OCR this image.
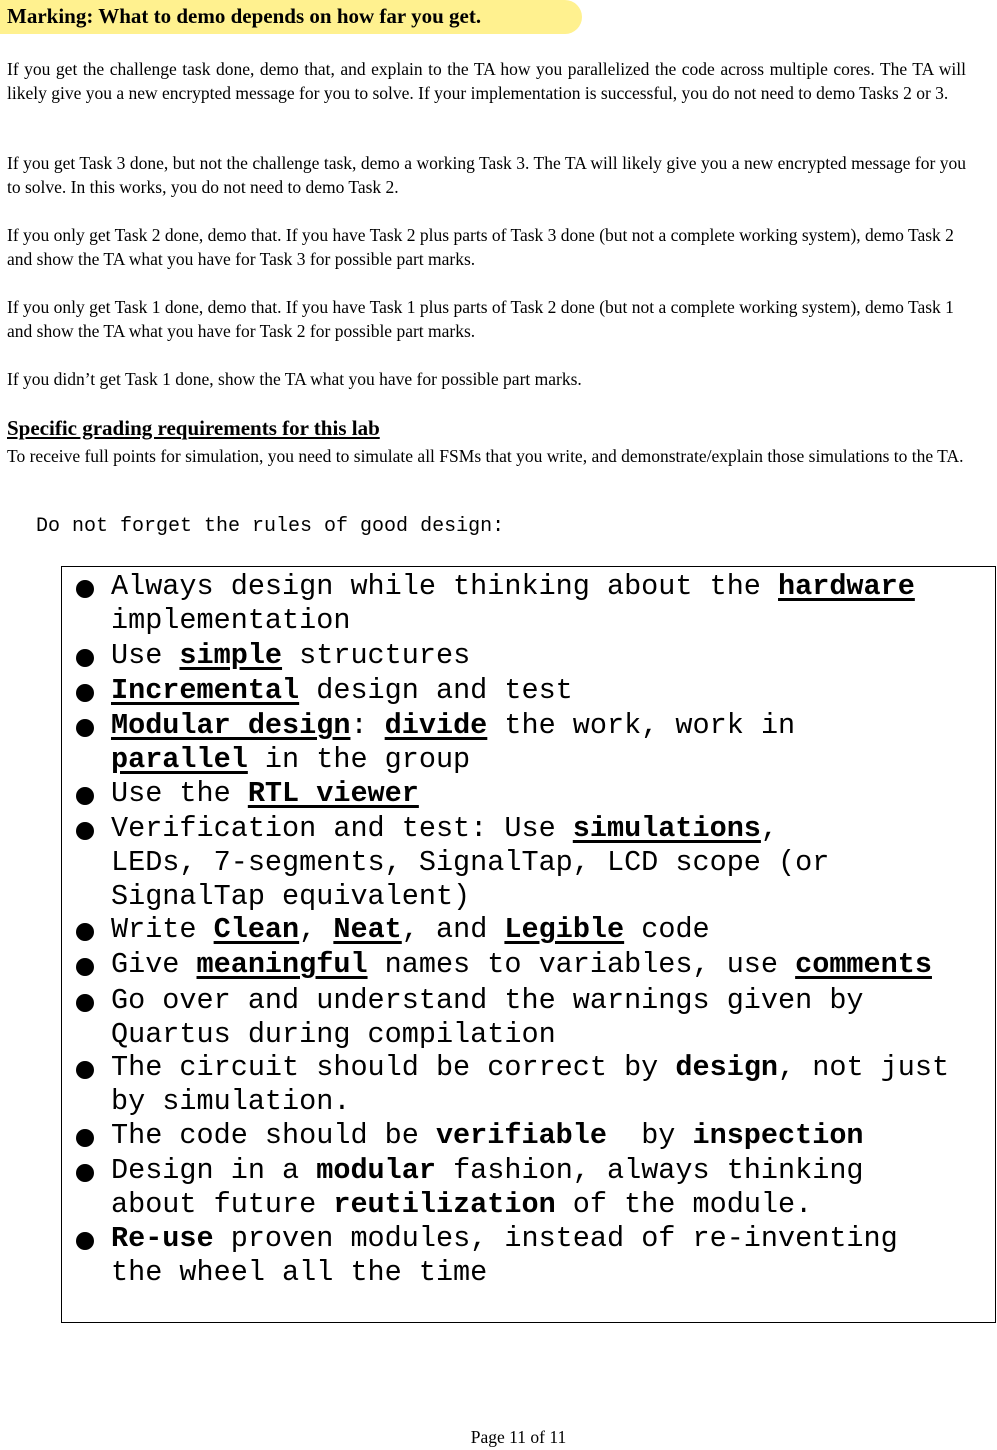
Marking: What to demo depends on how far you get.

If you get the challenge task done, demo that, and explain to the TA how you parallelized the code across multiple cores. The TA will likely give you a new encrypted message for you to solve. If your implementation is successful, you do not need to demo Tasks 2 or 3.

If you get Task 3 done, but not the challenge task, demo a working Task 3. The TA will likely give you a new encrypted message for you to solve. In this works, you do not need to demo Task 2.

If you only get Task 2 done, demo that. If you have Task 2 plus parts of Task 3 done (but not a complete working system), demo Task 2 and show the TA what you have for Task 3 for possible part marks.

If you only get Task 1 done, demo that. If you have Task 1 plus parts of Task 2 done (but not a complete working system), demo Task 1 and show the TA what you have for Task 2 for possible part marks.

If you didn’t get Task 1 done, show the TA what you have for possible part marks.

Specific grading requirements for this lab

To receive full points for simulation, you need to simulate all FSMs that you write, and demonstrate/explain those simulations to the TA.

Do not forget the rules of good design:
Always design while thinking about the hardware
implementation
Use simple structures
Incremental design and test
Modular design: divide the work, work in
parallel in the group
Use the RTL viewer
Verification and test: Use simulations,
LEDs, 7-segments, SignalTap, LCD scope (or
SignalTap equivalent)
Write Clean, Neat, and Legible code
Give meaningful names to variables, use comments
Go over and understand the warnings given by
Quartus during compilation
The circuit should be correct by design, not just
by simulation.
The code should be verifiable  by inspection
Design in a modular fashion, always thinking
about future reutilization of the module.
Re-use proven modules, instead of re-inventing
the wheel all the time
Page 11 of 11
